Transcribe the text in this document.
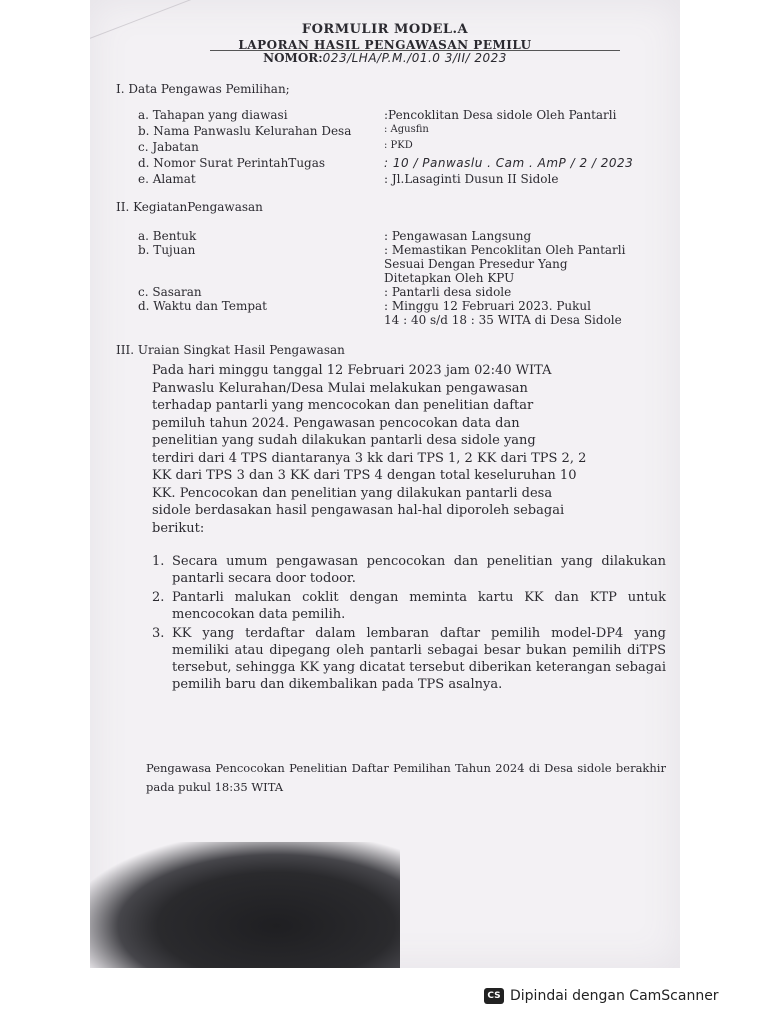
FORMULIR MODEL.A
LAPORAN HASIL PENGAWASAN PEMILU
NOMOR:023/LHA/P.M./01.0 3/II/ 2023
I. Data Pengawas Pemilihan;
a. Tahapan yang diawasi	:Pencoklitan Desa sidole Oleh Pantarli
b. Nama Panwaslu Kelurahan Desa	: Agusfin
c. Jabatan	: PKD
d. Nomor Surat PerintahTugas	: 10 / Panwaslu . Cam . AmP / 2 / 2023
e. Alamat	: Jl.Lasaginti Dusun II Sidole
II. KegiatanPengawasan
a. Bentuk	: Pengawasan Langsung
b. Tujuan	: Memastikan Pencoklitan Oleh Pantarli
Sesuai Dengan Presedur Yang
Ditetapkan Oleh KPU
c. Sasaran	: Pantarli desa sidole
d. Waktu dan Tempat	: Minggu 12 Februari 2023. Pukul
14 : 40 s/d 18 : 35 WITA di Desa Sidole
III. Uraian Singkat Hasil Pengawasan
Pada hari minggu tanggal 12 Februari 2023 jam 02:40 WITA
Panwaslu Kelurahan/Desa Mulai melakukan pengawasan
terhadap pantarli yang mencocokan dan penelitian daftar
pemiluh tahun 2024. Pengawasan pencocokan data dan
penelitian yang sudah dilakukan pantarli desa sidole yang
terdiri dari 4 TPS diantaranya 3 kk dari TPS 1, 2 KK dari TPS 2, 2
KK dari TPS 3 dan 3 KK dari TPS 4 dengan total keseluruhan 10
KK. Pencocokan dan penelitian yang dilakukan pantarli desa
sidole berdasakan hasil pengawasan hal-hal diporoleh sebagai
berikut:
1. Secara umum pengawasan pencocokan dan penelitian yang dilakukan pantarli secara door todoor.
2. Pantarli malukan coklit dengan meminta kartu KK dan KTP untuk mencocokan data pemilih.
3. KK yang terdaftar dalam lembaran daftar pemilih model-DP4 yang memiliki atau dipegang oleh pantarli sebagai besar bukan pemilih diTPS tersebut, sehingga KK yang dicatat tersebut diberikan keterangan sebagai pemilih baru dan dikembalikan pada TPS asalnya.
Pengawasa Pencocokan Penelitian Daftar Pemilihan Tahun 2024 di Desa sidole berakhir pada pukul 18:35 WITA
CS Dipindai dengan CamScanner
